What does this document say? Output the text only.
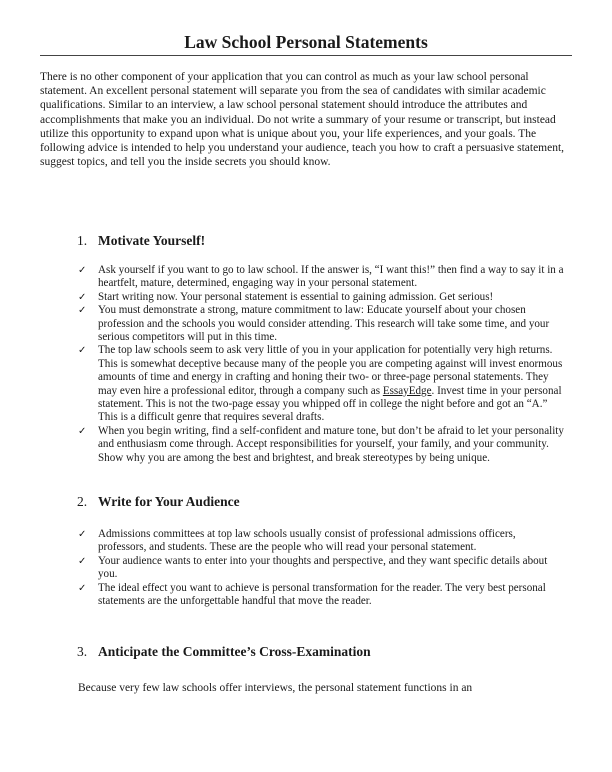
Law School Personal Statements

There is no other component of your application that you can control as much as your law school personal statement. An excellent personal statement will separate you from the sea of candidates with similar academic qualifications. Similar to an interview, a law school personal statement should introduce the attributes and accomplishments that make you an individual. Do not write a summary of your resume or transcript, but instead utilize this opportunity to expand upon what is unique about you, your life experiences, and your goals. The following advice is intended to help you understand your audience, teach you how to craft a persuasive statement, suggest topics, and tell you the inside secrets you should know.

1. Motivate Yourself!
✓ Ask yourself if you want to go to law school. If the answer is, “I want this!” then find a way to say it in a heartfelt, mature, determined, engaging way in your personal statement.
✓ Start writing now. Your personal statement is essential to gaining admission. Get serious!
✓ You must demonstrate a strong, mature commitment to law: Educate yourself about your chosen profession and the schools you would consider attending. This research will take some time, and your serious competitors will put in this time.
✓ The top law schools seem to ask very little of you in your application for potentially very high returns. This is somewhat deceptive because many of the people you are competing against will invest enormous amounts of time and energy in crafting and honing their two- or three-page personal statements. They may even hire a professional editor, through a company such as EssayEdge. Invest time in your personal statement. This is not the two-page essay you whipped off in college the night before and got an “A.” This is a difficult genre that requires several drafts.
✓ When you begin writing, find a self-confident and mature tone, but don’t be afraid to let your personality and enthusiasm come through. Accept responsibilities for yourself, your family, and your community. Show why you are among the best and brightest, and break stereotypes by being unique.
2. Write for Your Audience
✓ Admissions committees at top law schools usually consist of professional admissions officers, professors, and students. These are the people who will read your personal statement.
✓ Your audience wants to enter into your thoughts and perspective, and they want specific details about you.
✓ The ideal effect you want to achieve is personal transformation for the reader. The very best personal statements are the unforgettable handful that move the reader.
3. Anticipate the Committee’s Cross-Examination

Because very few law schools offer interviews, the personal statement functions in an
